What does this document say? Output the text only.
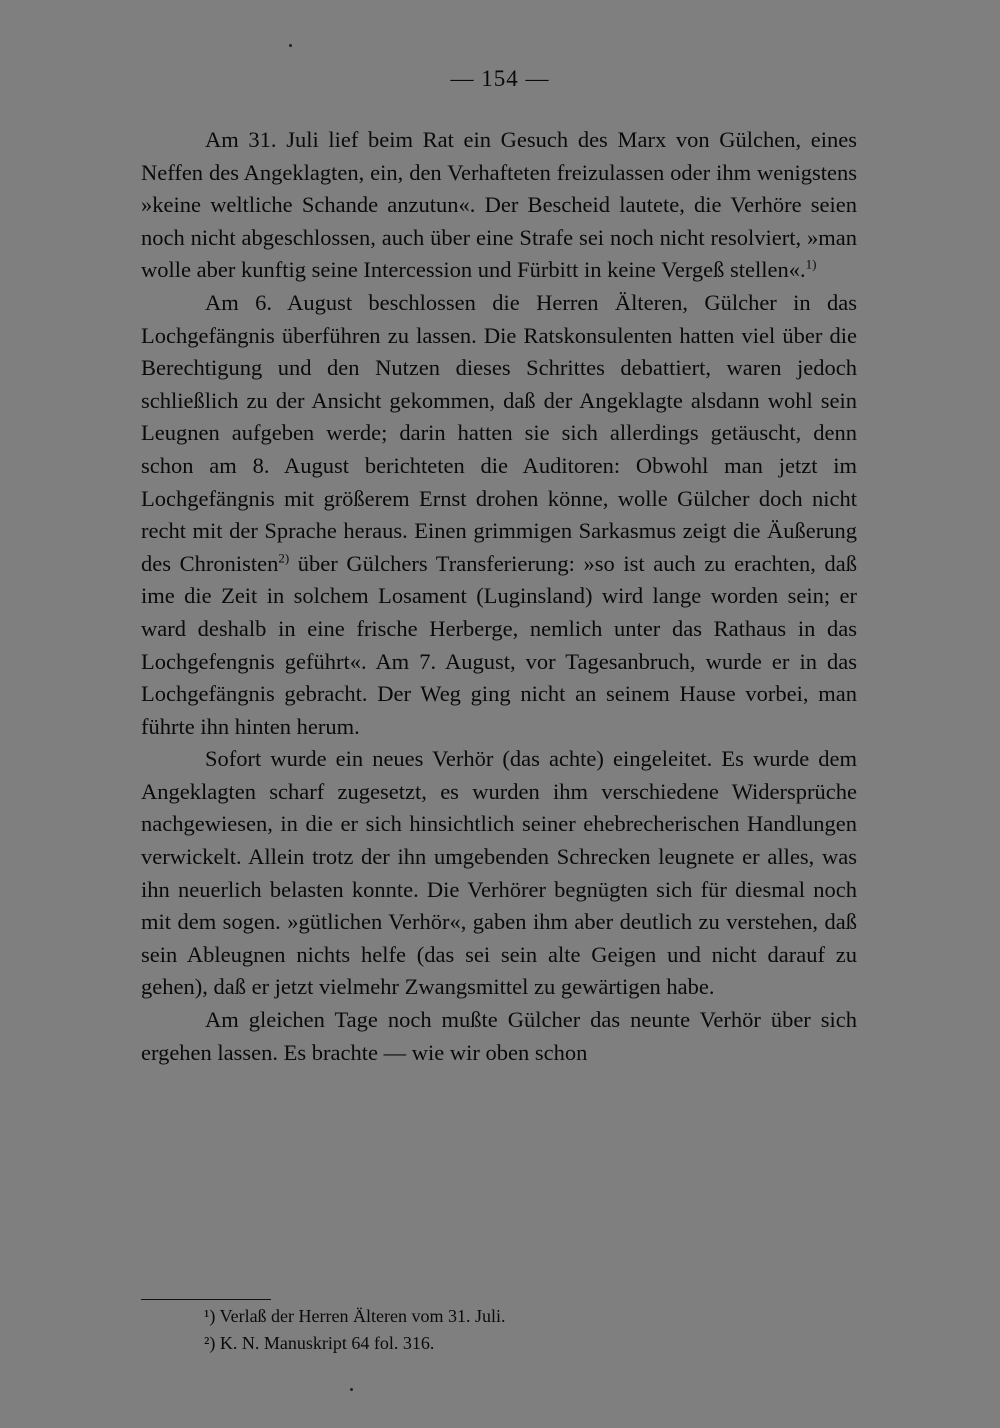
— 154 —

Am 31. Juli lief beim Rat ein Gesuch des Marx von Gülchen, eines Neffen des Angeklagten, ein, den Verhafteten freizulassen oder ihm wenigstens »keine weltliche Schande anzutun«. Der Bescheid lautete, die Verhöre seien noch nicht abgeschlossen, auch über eine Strafe sei noch nicht resolviert, »man wolle aber kunftig seine Intercession und Fürbitt in keine Vergeß stellen«.$^{1)}$

Am 6. August beschlossen die Herren Älteren, Gülcher in das Lochgefängnis überführen zu lassen. Die Ratskonsulenten hatten viel über die Berechtigung und den Nutzen dieses Schrittes debattiert, waren jedoch schließlich zu der Ansicht gekommen, daß der Angeklagte alsdann wohl sein Leugnen aufgeben werde; darin hatten sie sich allerdings getäuscht, denn schon am 8. August berichteten die Auditoren: Obwohl man jetzt im Lochgefängnis mit größerem Ernst drohen könne, wolle Gülcher doch nicht recht mit der Sprache heraus. Einen grimmigen Sarkasmus zeigt die Äußerung des Chronisten$^{2)}$ über Gülchers Transferierung: »so ist auch zu erachten, daß ime die Zeit in solchem Losament (Luginsland) wird lange worden sein; er ward deshalb in eine frische Herberge, nemlich unter das Rathaus in das Lochgefengnis geführt«. Am 7. August, vor Tagesanbruch, wurde er in das Lochgefängnis gebracht. Der Weg ging nicht an seinem Hause vorbei, man führte ihn hinten herum.

Sofort wurde ein neues Verhör (das achte) eingeleitet. Es wurde dem Angeklagten scharf zugesetzt, es wurden ihm verschiedene Widersprüche nachgewiesen, in die er sich hinsichtlich seiner ehebrecherischen Handlungen verwickelt. Allein trotz der ihn umgebenden Schrecken leugnete er alles, was ihn neuerlich belasten konnte. Die Verhörer begnügten sich für diesmal noch mit dem sogen. »gütlichen Verhör«, gaben ihm aber deutlich zu verstehen, daß sein Ableugnen nichts helfe (das sei sein alte Geigen und nicht darauf zu gehen), daß er jetzt vielmehr Zwangsmittel zu gewärtigen habe.

Am gleichen Tage noch mußte Gülcher das neunte Verhör über sich ergehen lassen. Es brachte — wie wir oben schon

¹) Verlaß der Herren Älteren vom 31. Juli.

²) K. N. Manuskript 64 fol. 316.
